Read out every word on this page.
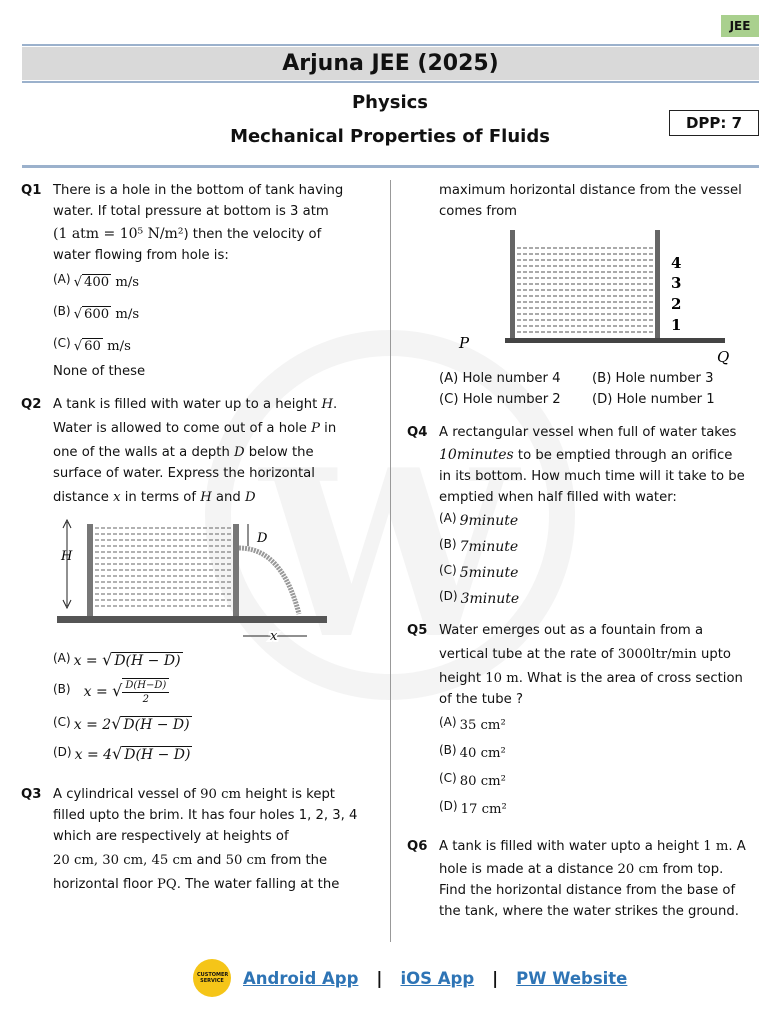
JEE
Arjuna JEE (2025)
Physics
Mechanical Properties of Fluids
DPP: 7
Q1 There is a hole in the bottom of tank having
water. If total pressure at bottom is 3 atm
(1 atm = 10⁵ N/m²) then the velocity of
water flowing from hole is:
(A) √ 400 m/s
(B) √ 600 m/s
(C) √ 60 m/s
None of these
Q2 A tank is filled with water up to a height H.
Water is allowed to come out of a hole P in
one of the walls at a depth D below the
surface of water. Express the horizontal
distance x in terms of H and D
H
D
x
(A) x = √ D(H − D)
(B) x = √ $\frac{D(H-D)}{2}$
(C) x = 2√ D(H − D)
(D) x = 4√ D(H − D)
Q3 A cylindrical vessel of 90 cm height is kept
filled upto the brim. It has four holes 1, 2, 3, 4
which are respectively at heights of
20 cm, 30 cm, 45 cm and 50 cm from the
horizontal floor PQ. The water falling at the
maximum horizontal distance from the vessel
comes from
4
3
2
1
P
Q
(A) Hole number 4	(B) Hole number 3
(C) Hole number 2	(D) Hole number 1
Q4 A rectangular vessel when full of water takes
10minutes to be emptied through an orifice
in its bottom. How much time will it take to be
emptied when half filled with water:
(A) 9minute
(B) 7minute
(C) 5minute
(D) 3minute
Q5 Water emerges out as a fountain from a
vertical tube at the rate of 3000ltr/min upto
height 10 m. What is the area of cross section
of the tube ?
(A) 35 cm²
(B) 40 cm²
(C) 80 cm²
(D) 17 cm²
Q6 A tank is filled with water upto a height 1 m. A
hole is made at a distance 20 cm from top.
Find the horizontal distance from the base of
the tank, where the water strikes the ground.
CUSTOMER SERVICE Android App | iOS App | PW Website
